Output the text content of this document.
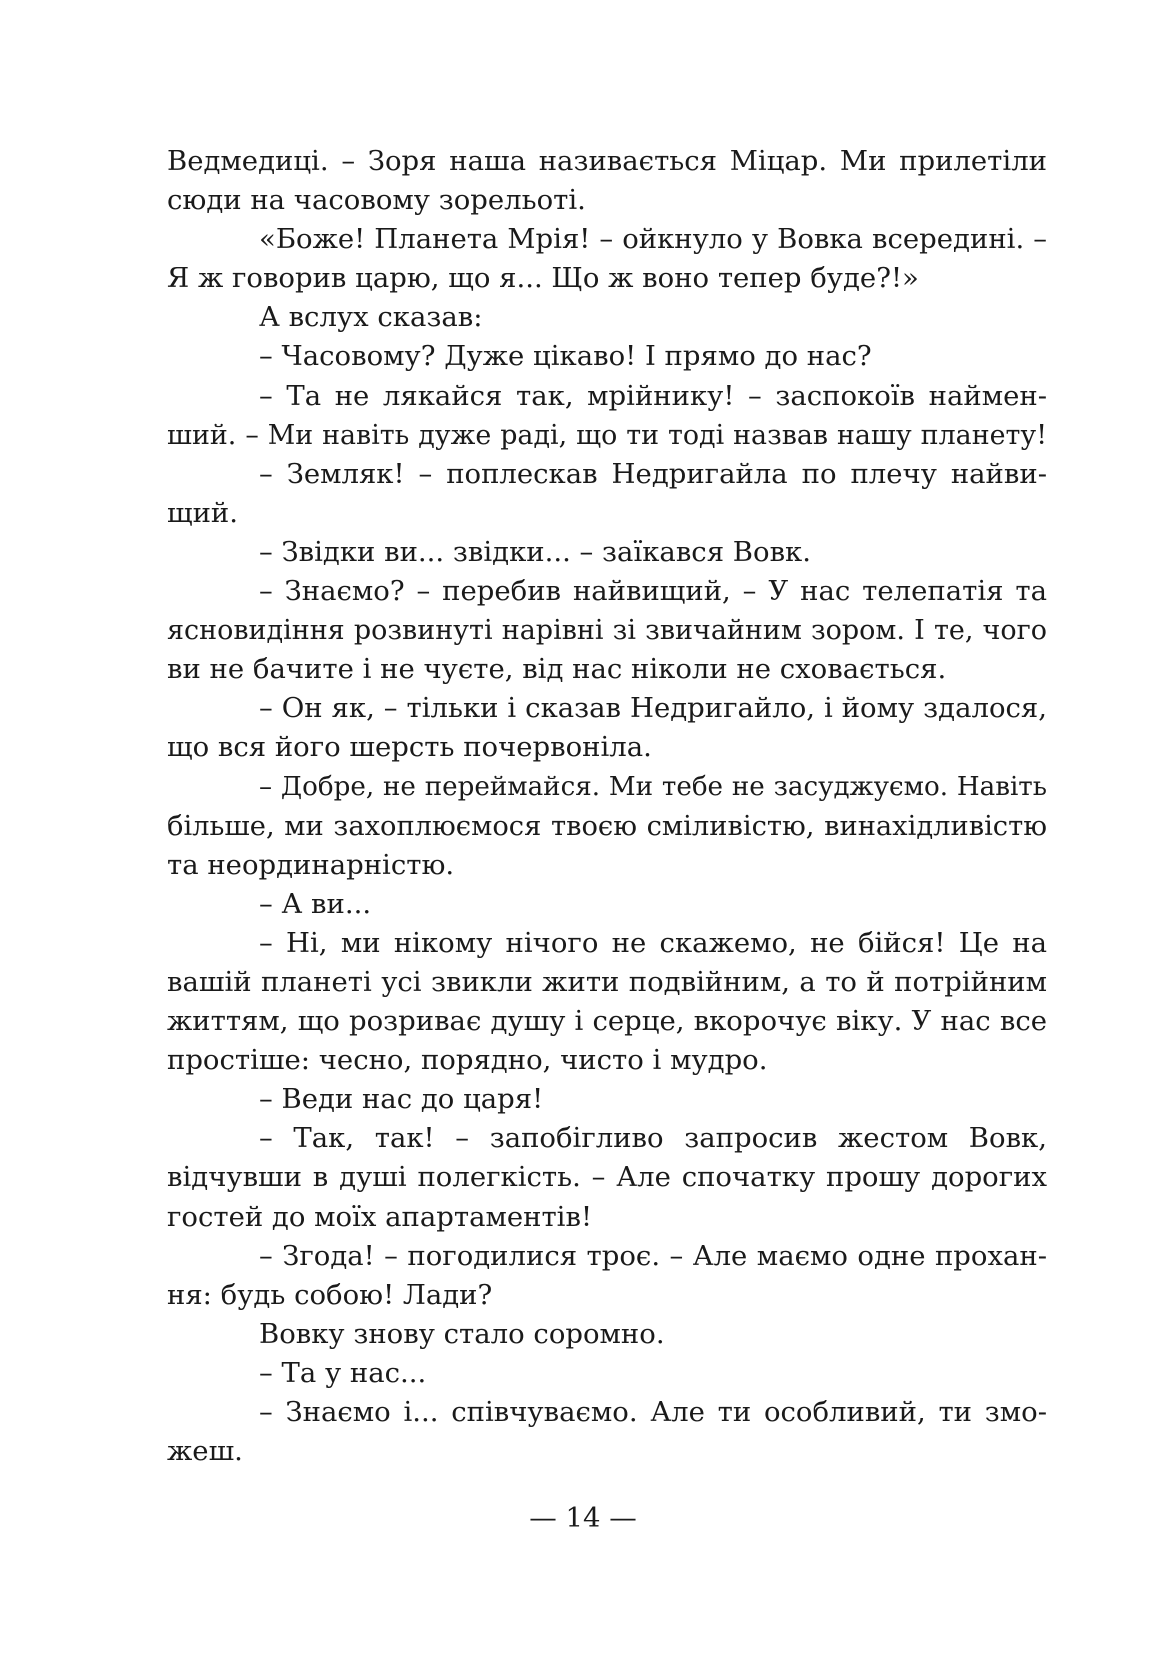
Ведмедиці. – Зоря наша називається Міцар. Ми прилетіли
сюди на часовому зорельоті.
«Боже! Планета Мрія! – ойкнуло у Вовка всередині. –
Я ж говорив царю, що я... Що ж воно тепер буде?!»
А вслух сказав:
– Часовому? Дуже цікаво! І прямо до нас?
– Та не лякайся так, мрійнику! – заспокоїв наймен-
ший. – Ми навіть дуже раді, що ти тоді назвав нашу планету!
– Земляк! – поплескав Недригайла по плечу найви-
щий.
– Звідки ви... звідки... – заїкався Вовк.
– Знаємо? – перебив найвищий, – У нас телепатія та
ясновидіння розвинуті нарівні зі звичайним зором. І те, чого
ви не бачите і не чуєте, від нас ніколи не сховається.
– Он як, – тільки і сказав Недригайло, і йому здалося,
що вся його шерсть почервоніла.
– Добре, не переймайся. Ми тебе не засуджуємо. Навіть
більше, ми захоплюємося твоєю сміливістю, винахідливістю
та неординарністю.
– А ви...
– Ні, ми нікому нічого не скажемо, не бійся! Це на
вашій планеті усі звикли жити подвійним, а то й потрійним
життям, що розриває душу і серце, вкорочує віку. У нас все
простіше: чесно, порядно, чисто і мудро.
– Веди нас до царя!
– Так, так! – запобігливо запросив жестом Вовк,
відчувши в душі полегкість. – Але спочатку прошу дорогих
гостей до моїх апартаментів!
– Згода! – погодилися троє. – Але маємо одне прохан-
ня: будь собою! Лади?
Вовку знову стало соромно.
– Та у нас...
– Знаємо і... співчуваємо. Але ти особливий, ти змо-
жеш.
— 14 —
